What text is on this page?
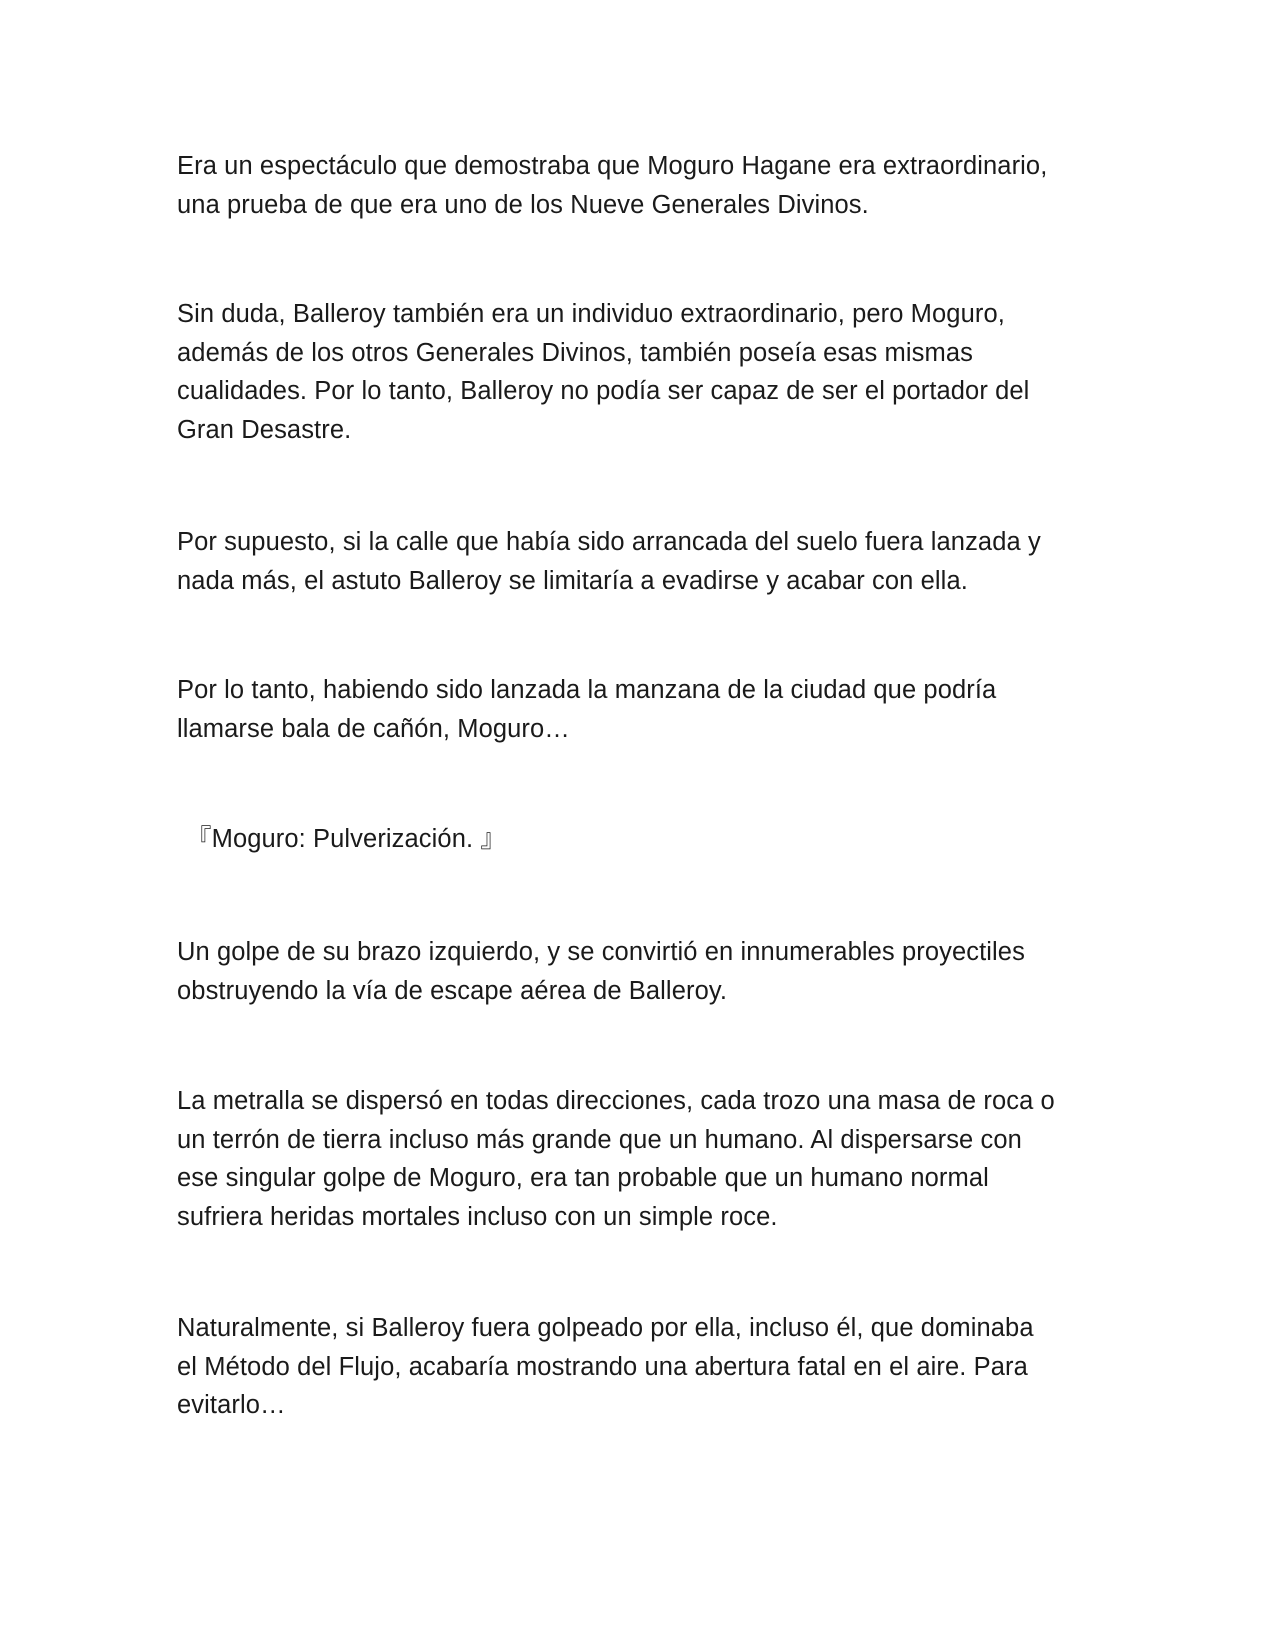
Era un espectáculo que demostraba que Moguro Hagane era extraordinario,
una prueba de que era uno de los Nueve Generales Divinos.

Sin duda, Balleroy también era un individuo extraordinario, pero Moguro,
además de los otros Generales Divinos, también poseía esas mismas
cualidades. Por lo tanto, Balleroy no podía ser capaz de ser el portador del
Gran Desastre.

Por supuesto, si la calle que había sido arrancada del suelo fuera lanzada y
nada más, el astuto Balleroy se limitaría a evadirse y acabar con ella.

Por lo tanto, habiendo sido lanzada la manzana de la ciudad que podría
llamarse bala de cañón, Moguro…

『Moguro: Pulverización. 』

Un golpe de su brazo izquierdo, y se convirtió en innumerables proyectiles
obstruyendo la vía de escape aérea de Balleroy.

La metralla se dispersó en todas direcciones, cada trozo una masa de roca o
un terrón de tierra incluso más grande que un humano. Al dispersarse con
ese singular golpe de Moguro, era tan probable que un humano normal
sufriera heridas mortales incluso con un simple roce.

Naturalmente, si Balleroy fuera golpeado por ella, incluso él, que dominaba
el Método del Flujo, acabaría mostrando una abertura fatal en el aire. Para
evitarlo…
